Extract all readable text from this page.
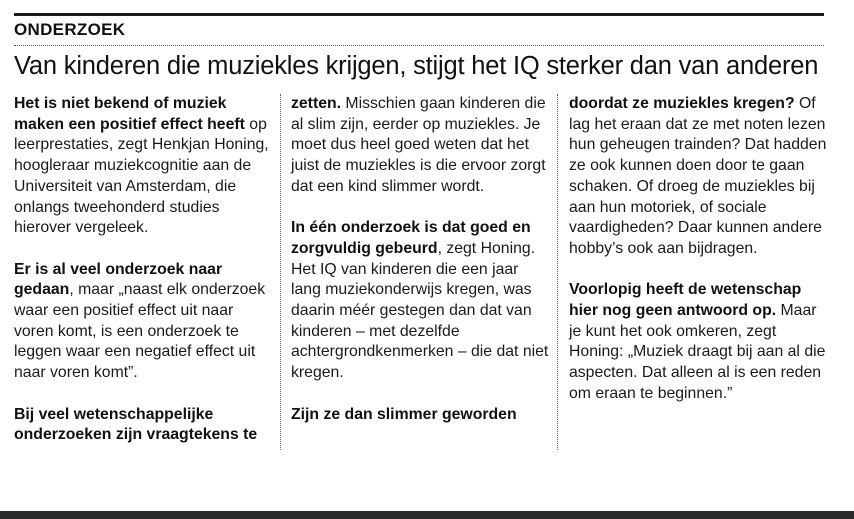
ONDERZOEK
Van kinderen die muziekles krijgen, stijgt het IQ sterker dan van anderen

Het is niet bekend of muziek maken een positief effect heeft op leerprestaties, zegt Henkjan Honing, hoogleraar muziekcognitie aan de Universiteit van Amsterdam, die onlangs tweehonderd studies hierover vergeleek.

Er is al veel onderzoek naar gedaan, maar „naast elk onderzoek waar een positief effect uit naar voren komt, is een onderzoek te leggen waar een negatief effect uit naar voren komt”.

Bij veel wetenschappelijke onderzoeken zijn vraagtekens te

zetten. Misschien gaan kinderen die al slim zijn, eerder op muziekles. Je moet dus heel goed weten dat het juist de muziekles is die ervoor zorgt dat een kind slimmer wordt.

In één onderzoek is dat goed en zorgvuldig gebeurd, zegt Honing. Het IQ van kinderen die een jaar lang muziekonderwijs kregen, was daarin méér gestegen dan dat van kinderen – met dezelfde achtergrondkenmerken – die dat niet kregen.

Zijn ze dan slimmer geworden

doordat ze muziekles kregen? Of lag het eraan dat ze met noten lezen hun geheugen trainden? Dat hadden ze ook kunnen doen door te gaan schaken. Of droeg de muziekles bij aan hun motoriek, of sociale vaardigheden? Daar kunnen andere hobby’s ook aan bijdragen.

Voorlopig heeft de wetenschap hier nog geen antwoord op. Maar je kunt het ook omkeren, zegt Honing: „Muziek draagt bij aan al die aspecten. Dat alleen al is een reden om eraan te beginnen.”
